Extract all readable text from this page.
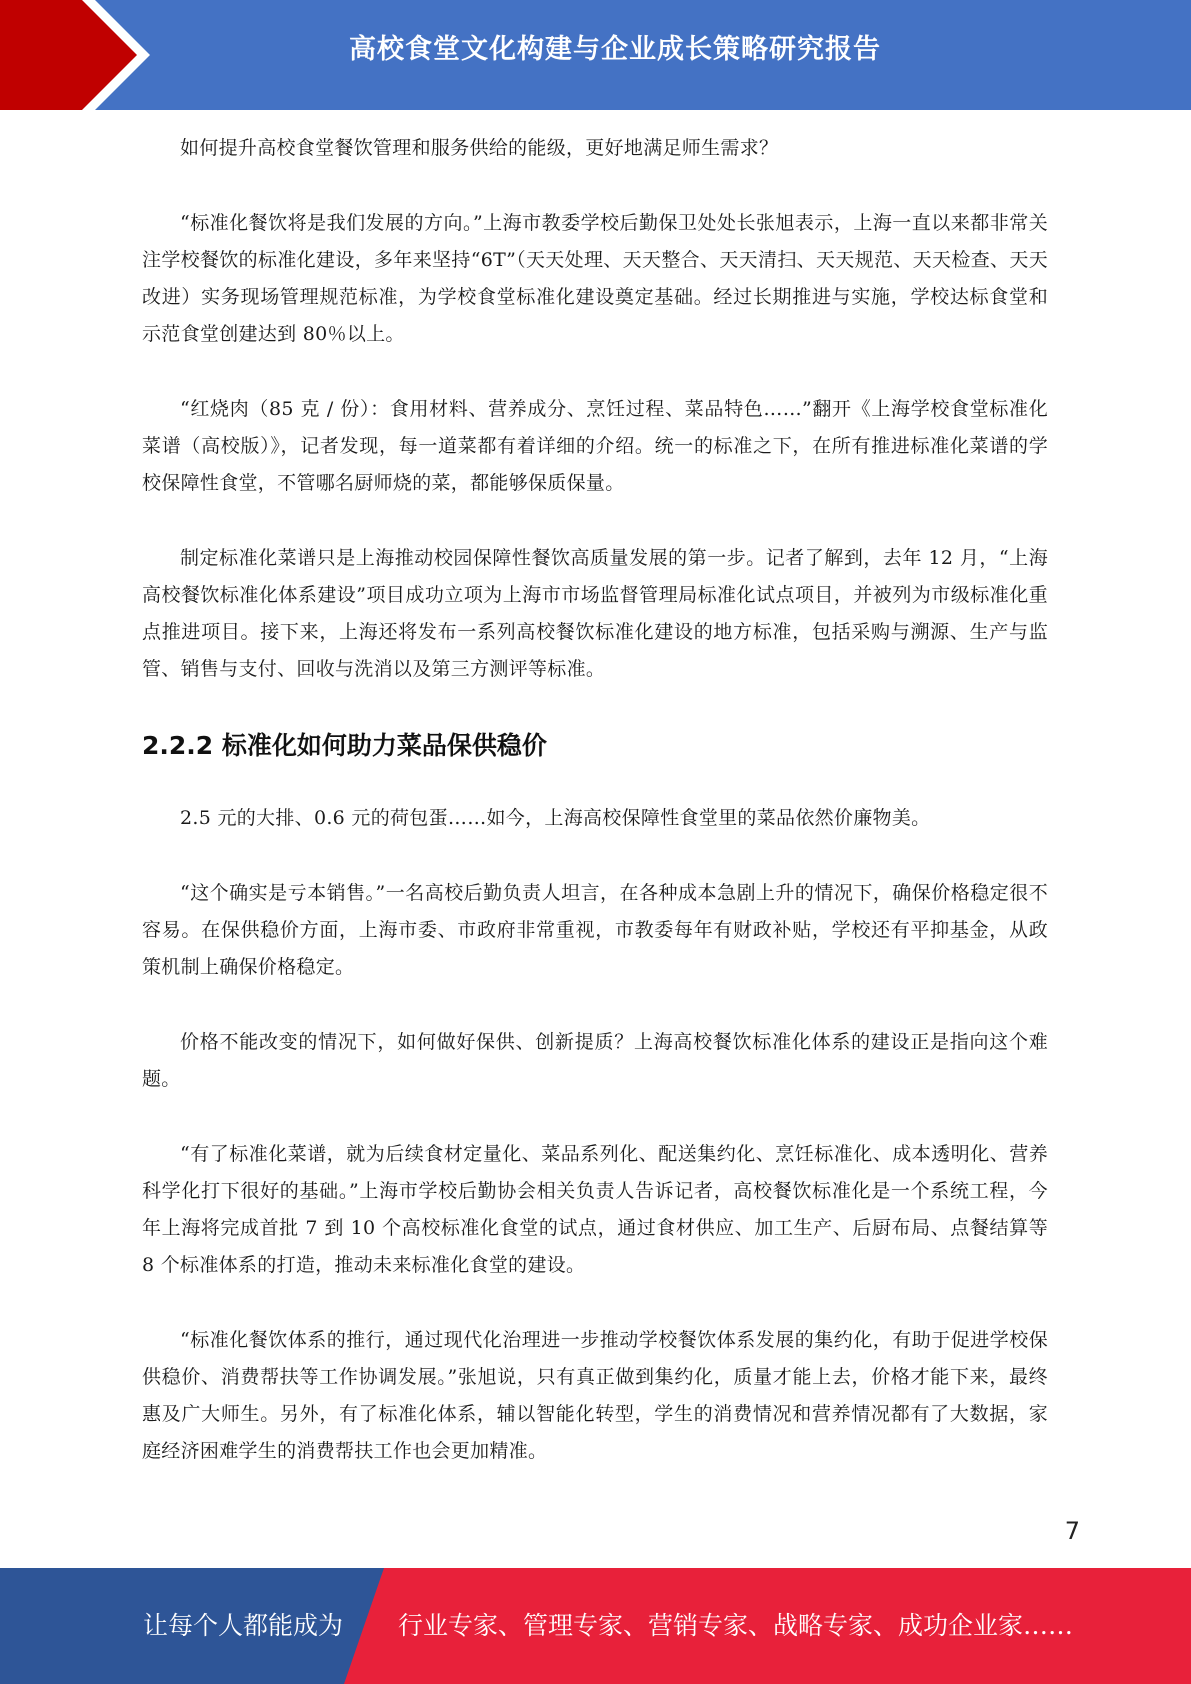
高校食堂文化构建与企业成长策略研究报告

如何提升高校食堂餐饮管理和服务供给的能级，更好地满足师生需求？

“标准化餐饮将是我们发展的方向。”上海市教委学校后勤保卫处处长张旭表示，上海一直以来都非常关注学校餐饮的标准化建设，多年来坚持“6T”（天天处理、天天整合、天天清扫、天天规范、天天检查、天天改进）实务现场管理规范标准，为学校食堂标准化建设奠定基础。经过长期推进与实施，学校达标食堂和示范食堂创建达到 80％以上。

“红烧肉（85 克 / 份）：食用材料、营养成分、烹饪过程、菜品特色……”翻开《上海学校食堂标准化菜谱（高校版）》，记者发现，每一道菜都有着详细的介绍。统一的标准之下，在所有推进标准化菜谱的学校保障性食堂，不管哪名厨师烧的菜，都能够保质保量。

制定标准化菜谱只是上海推动校园保障性餐饮高质量发展的第一步。记者了解到，去年 12 月，“上海高校餐饮标准化体系建设”项目成功立项为上海市市场监督管理局标准化试点项目，并被列为市级标准化重点推进项目。接下来，上海还将发布一系列高校餐饮标准化建设的地方标准，包括采购与溯源、生产与监管、销售与支付、回收与洗消以及第三方测评等标准。

2.2.2 标准化如何助力菜品保供稳价

2.5 元的大排、0.6 元的荷包蛋……如今，上海高校保障性食堂里的菜品依然价廉物美。

“这个确实是亏本销售。”一名高校后勤负责人坦言，在各种成本急剧上升的情况下，确保价格稳定很不容易。在保供稳价方面，上海市委、市政府非常重视，市教委每年有财政补贴，学校还有平抑基金，从政策机制上确保价格稳定。

价格不能改变的情况下，如何做好保供、创新提质？上海高校餐饮标准化体系的建设正是指向这个难题。

“有了标准化菜谱，就为后续食材定量化、菜品系列化、配送集约化、烹饪标准化、成本透明化、营养科学化打下很好的基础。”上海市学校后勤协会相关负责人告诉记者，高校餐饮标准化是一个系统工程，今年上海将完成首批 7 到 10 个高校标准化食堂的试点，通过食材供应、加工生产、后厨布局、点餐结算等 8 个标准体系的打造，推动未来标准化食堂的建设。

“标准化餐饮体系的推行，通过现代化治理进一步推动学校餐饮体系发展的集约化，有助于促进学校保供稳价、消费帮扶等工作协调发展。”张旭说，只有真正做到集约化，质量才能上去，价格才能下来，最终惠及广大师生。另外，有了标准化体系，辅以智能化转型，学生的消费情况和营养情况都有了大数据，家庭经济困难学生的消费帮扶工作也会更加精准。

7
让每个人都能成为 行业专家、管理专家、营销专家、战略专家、成功企业家……
